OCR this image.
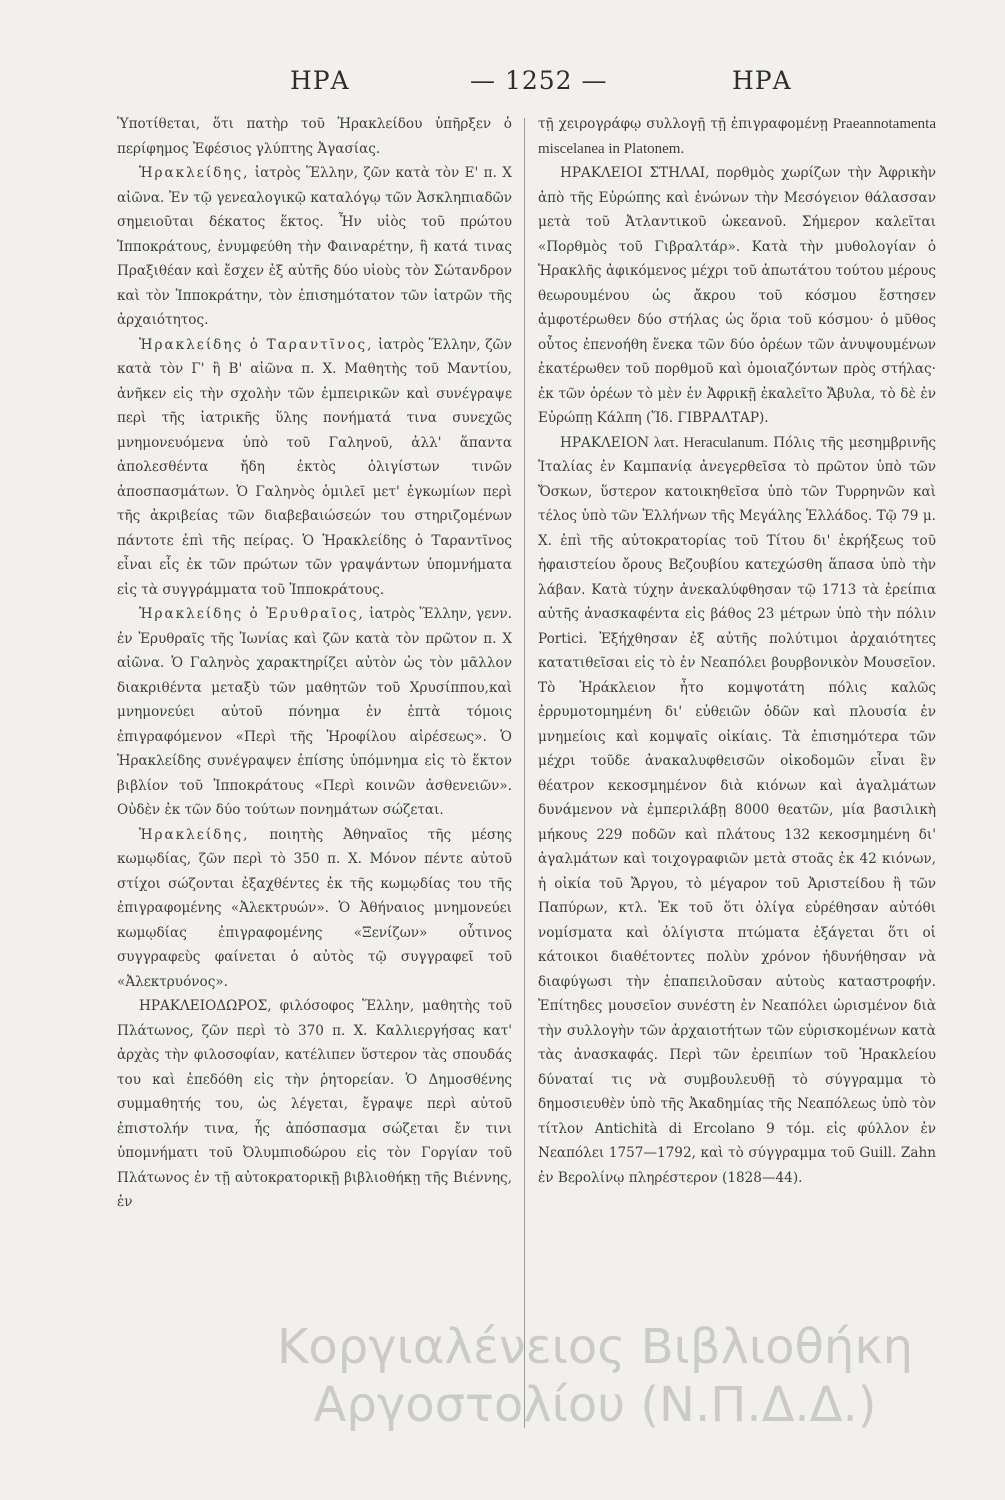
ΗΡΑ	— 1252 —	ΗΡΑ

Ὑποτίθεται, ὅτι πατὴρ τοῦ Ἡρακλείδου ὑπῆρξεν ὁ περίφημος Ἐφέσιος γλύπτης Ἀγασίας.

Ἡρακλείδης, ἰατρὸς Ἕλλην, ζῶν κατὰ τὸν Ε' π. Χ αἰῶνα. Ἐν τῷ γενεαλογικῷ καταλόγῳ τῶν Ἀσκληπιαδῶν σημειοῦται δέκατος ἕκτος. Ἦν υἱὸς τοῦ πρώτου Ἱπποκράτους, ἐνυμφεύθη τὴν Φαιναρέτην, ἢ κατά τινας Πραξιθέαν καὶ ἔσχεν ἐξ αὐτῆς δύο υἱοὺς τὸν Σώτανδρον καὶ τὸν Ἱπποκράτην, τὸν ἐπισημότατον τῶν ἰατρῶν τῆς ἀρχαιότητος.

Ἡρακλείδης ὁ Ταραντῖνος, ἰατρὸς Ἕλλην, ζῶν κατὰ τὸν Γ' ἢ Β' αἰῶνα π. Χ. Μαθητὴς τοῦ Μαντίου, ἀνῆκεν εἰς τὴν σχολὴν τῶν ἐμπειρικῶν καὶ συνέγραψε περὶ τῆς ἰατρικῆς ὕλης πονήματά τινα συνεχῶς μνημονευόμενα ὑπὸ τοῦ Γαληνοῦ, ἀλλ' ἅπαντα ἀπολεσθέντα ἤδη ἐκτὸς ὀλιγίστων τινῶν ἀποσπασμάτων. Ὁ Γαληνὸς ὁμιλεῖ μετ' ἐγκωμίων περὶ τῆς ἀκριβείας τῶν διαβεβαιώσεών του στηριζομένων πάντοτε ἐπὶ τῆς πείρας. Ὁ Ἡρακλείδης ὁ Ταραντῖνος εἶναι εἷς ἐκ τῶν πρώτων τῶν γραψάντων ὑπομνήματα εἰς τὰ συγγράμματα τοῦ Ἱπποκράτους.

Ἡρακλείδης ὁ Ἐρυθραῖος, ἰατρὸς Ἕλλην, γενν. ἐν Ἐρυθραῖς τῆς Ἰωνίας καὶ ζῶν κατὰ τὸν πρῶτον π. Χ αἰῶνα. Ὁ Γαληνὸς χαρακτηρίζει αὐτὸν ὡς τὸν μᾶλλον διακριθέντα μεταξὺ τῶν μαθητῶν τοῦ Χρυσίππου,καὶ μνημονεύει αὐτοῦ πόνημα ἐν ἑπτὰ τόμοις ἐπιγραφόμενον «Περὶ τῆς Ἡροφίλου αἱρέσεως». Ὁ Ἡρακλείδης συνέγραψεν ἐπίσης ὑπόμνημα εἰς τὸ ἕκτον βιβλίον τοῦ Ἱπποκράτους «Περὶ κοινῶν ἀσθενειῶν». Οὐδὲν ἐκ τῶν δύο τούτων πονημάτων σώζεται.

Ἡρακλείδης, ποιητὴς Ἀθηναῖος τῆς μέσης κωμῳδίας, ζῶν περὶ τὸ 350 π. Χ. Μόνον πέντε αὐτοῦ στίχοι σώζονται ἐξαχθέντες ἐκ τῆς κωμῳδίας του τῆς ἐπιγραφομένης «Ἀλεκτρυών». Ὁ Ἀθήναιος μνημονεύει κωμῳδίας ἐπιγραφομένης «Ξενίζων» οὗτινος συγγραφεὺς φαίνεται ὁ αὐτὸς τῷ συγγραφεῖ τοῦ «Ἀλεκτρυόνος».

ΗΡΑΚΛΕΙΟΔΩΡΟΣ, φιλόσοφος Ἕλλην, μαθητὴς τοῦ Πλάτωνος, ζῶν περὶ τὸ 370 π. Χ. Καλλιεργήσας κατ' ἀρχὰς τὴν φιλοσοφίαν, κατέλιπεν ὕστερον τὰς σπουδάς του καὶ ἐπεδόθη εἰς τὴν ῥητορείαν. Ὁ Δημοσθένης συμμαθητής του, ὡς λέγεται, ἔγραψε περὶ αὐτοῦ ἐπιστολήν τινα, ἧς ἀπόσπασμα σώζεται ἔν τινι ὑπομνήματι τοῦ Ὀλυμπιοδώρου εἰς τὸν Γοργίαν τοῦ Πλάτωνος ἐν τῇ αὐτοκρατορικῇ βιβλιοθήκῃ τῆς Βιέννης, ἐν

τῇ χειρογράφῳ συλλογῇ τῇ ἐπιγραφομένῃ Praeannotamenta miscelanea in Platonem.

ΗΡΑΚΛΕΙΟΙ ΣΤΗΛΑΙ, πορθμὸς χωρίζων τὴν Ἀφρικὴν ἀπὸ τῆς Εὐρώπης καὶ ἑνώνων τὴν Μεσόγειον θάλασσαν μετὰ τοῦ Ἀτλαντικοῦ ὠκεανοῦ. Σήμερον καλεῖται «Πορθμὸς τοῦ Γιβραλτάρ». Κατὰ τὴν μυθολογίαν ὁ Ἡρακλῆς ἀφικόμενος μέχρι τοῦ ἀπωτάτου τούτου μέρους θεωρουμένου ὡς ἄκρου τοῦ κόσμου ἔστησεν ἀμφοτέρωθεν δύο στήλας ὡς ὅρια τοῦ κόσμου· ὁ μῦθος οὗτος ἐπενοήθη ἕνεκα τῶν δύο ὀρέων τῶν ἀνυψουμένων ἑκατέρωθεν τοῦ πορθμοῦ καὶ ὁμοιαζόντων πρὸς στήλας· ἐκ τῶν ὀρέων τὸ μὲν ἐν Ἀφρικῇ ἐκαλεῖτο Ἄβυλα, τὸ δὲ ἐν Εὐρώπῃ Κάλπη (Ἴδ. ΓΙΒΡΑΛΤΑΡ).

ΗΡΑΚΛΕΙΟΝ λατ. Heraculanum. Πόλις τῆς μεσημβρινῆς Ἰταλίας ἐν Καμπανίᾳ ἀνεγερθεῖσα τὸ πρῶτον ὑπὸ τῶν Ὄσκων, ὕστερον κατοικηθεῖσα ὑπὸ τῶν Τυρρηνῶν καὶ τέλος ὑπὸ τῶν Ἑλλήνων τῆς Μεγάλης Ἑλλάδος. Τῷ 79 μ. Χ. ἐπὶ τῆς αὐτοκρατορίας τοῦ Τίτου δι' ἐκρήξεως τοῦ ἡφαιστείου ὄρους Βεζουβίου κατεχώσθη ἅπασα ὑπὸ τὴν λάβαν. Κατὰ τύχην ἀνεκαλύφθησαν τῷ 1713 τὰ ἐρείπια αὐτῆς ἀνασκαφέντα εἰς βάθος 23 μέτρων ὑπὸ τὴν πόλιν Portici. Ἐξήχθησαν ἐξ αὐτῆς πολύτιμοι ἀρχαιότητες κατατιθεῖσαι εἰς τὸ ἐν Νεαπόλει βουρβονικὸν Μουσεῖον. Τὸ Ἡράκλειον ἦτο κομψοτάτη πόλις καλῶς ἐρρυμοτομημένη δι' εὐθειῶν ὁδῶν καὶ πλουσία ἐν μνημείοις καὶ κομψαῖς οἰκίαις. Τὰ ἐπισημότερα τῶν μέχρι τοῦδε ἀνακαλυφθεισῶν οἰκοδομῶν εἶναι ἓν θέατρον κεκοσμημένον διὰ κιόνων καὶ ἀγαλμάτων δυνάμενον νὰ ἐμπεριλάβῃ 8000 θεατῶν, μία βασιλικὴ μήκους 229 ποδῶν καὶ πλάτους 132 κεκοσμημένη δι' ἀγαλμάτων καὶ τοιχογραφιῶν μετὰ στοᾶς ἐκ 42 κιόνων, ἡ οἰκία τοῦ Ἄργου, τὸ μέγαρον τοῦ Ἀριστείδου ἢ τῶν Παπύρων, κτλ. Ἐκ τοῦ ὅτι ὀλίγα εὑρέθησαν αὐτόθι νομίσματα καὶ ὀλίγιστα πτώματα ἐξάγεται ὅτι οἱ κάτοικοι διαθέτοντες πολὺν χρόνον ἠδυνήθησαν νὰ διαφύγωσι τὴν ἐπαπειλοῦσαν αὐτοὺς καταστροφήν. Ἐπίτηδες μουσεῖον συνέστη ἐν Νεαπόλει ὡρισμένον διὰ τὴν συλλογὴν τῶν ἀρχαιοτήτων τῶν εὑρισκομένων κατὰ τὰς ἀνασκαφάς. Περὶ τῶν ἐρειπίων τοῦ Ἡρακλείου δύναταί τις νὰ συμβουλευθῇ τὸ σύγγραμμα τὸ δημοσιευθὲν ὑπὸ τῆς Ἀκαδημίας τῆς Νεαπόλεως ὑπὸ τὸν τίτλον Antichità di Ercolano 9 τόμ. εἰς φύλλον ἐν Νεαπόλει 1757—1792, καὶ τὸ σύγγραμμα τοῦ Guill. Zahn ἐν Βερολίνῳ πληρέστερον (1828—44).

Κοργιαλένειος Βιβλιοθήκη
Αργοστολίου (Ν.Π.Δ.Δ.)
